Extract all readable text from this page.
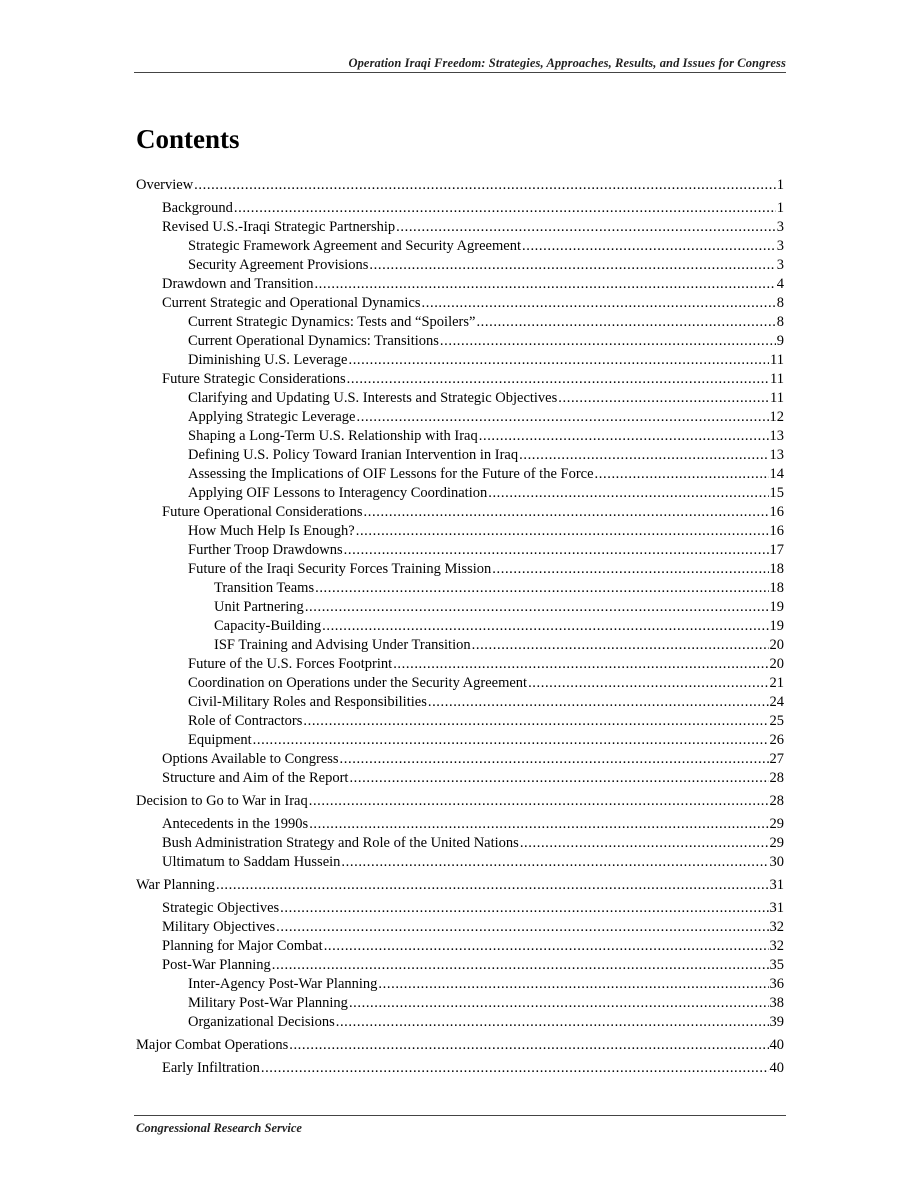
Operation Iraqi Freedom: Strategies, Approaches, Results, and Issues for Congress
Contents
Overview .....	1
Background .....	1
Revised U.S.-Iraqi Strategic Partnership .....	3
Strategic Framework Agreement and Security Agreement .....	3
Security Agreement Provisions .....	3
Drawdown and Transition .....	4
Current Strategic and Operational Dynamics .....	8
Current Strategic Dynamics: Tests and “Spoilers” .....	8
Current Operational Dynamics: Transitions .....	9
Diminishing U.S. Leverage .....	11
Future Strategic Considerations .....	11
Clarifying and Updating U.S. Interests and Strategic Objectives .....	11
Applying Strategic Leverage .....	12
Shaping a Long-Term U.S. Relationship with Iraq .....	13
Defining U.S. Policy Toward Iranian Intervention in Iraq .....	13
Assessing the Implications of OIF Lessons for the Future of the Force .....	14
Applying OIF Lessons to Interagency Coordination .....	15
Future Operational Considerations .....	16
How Much Help Is Enough? .....	16
Further Troop Drawdowns .....	17
Future of the Iraqi Security Forces Training Mission .....	18
Transition Teams .....	18
Unit Partnering .....	19
Capacity-Building .....	19
ISF Training and Advising Under Transition .....	20
Future of the U.S. Forces Footprint .....	20
Coordination on Operations under the Security Agreement .....	21
Civil-Military Roles and Responsibilities .....	24
Role of Contractors .....	25
Equipment .....	26
Options Available to Congress .....	27
Structure and Aim of the Report .....	28
Decision to Go to War in Iraq .....	28
Antecedents in the 1990s .....	29
Bush Administration Strategy and Role of the United Nations .....	29
Ultimatum to Saddam Hussein .....	30
War Planning .....	31
Strategic Objectives .....	31
Military Objectives .....	32
Planning for Major Combat .....	32
Post-War Planning .....	35
Inter-Agency Post-War Planning .....	36
Military Post-War Planning .....	38
Organizational Decisions .....	39
Major Combat Operations .....	40
Early Infiltration .....	40
Congressional Research Service
